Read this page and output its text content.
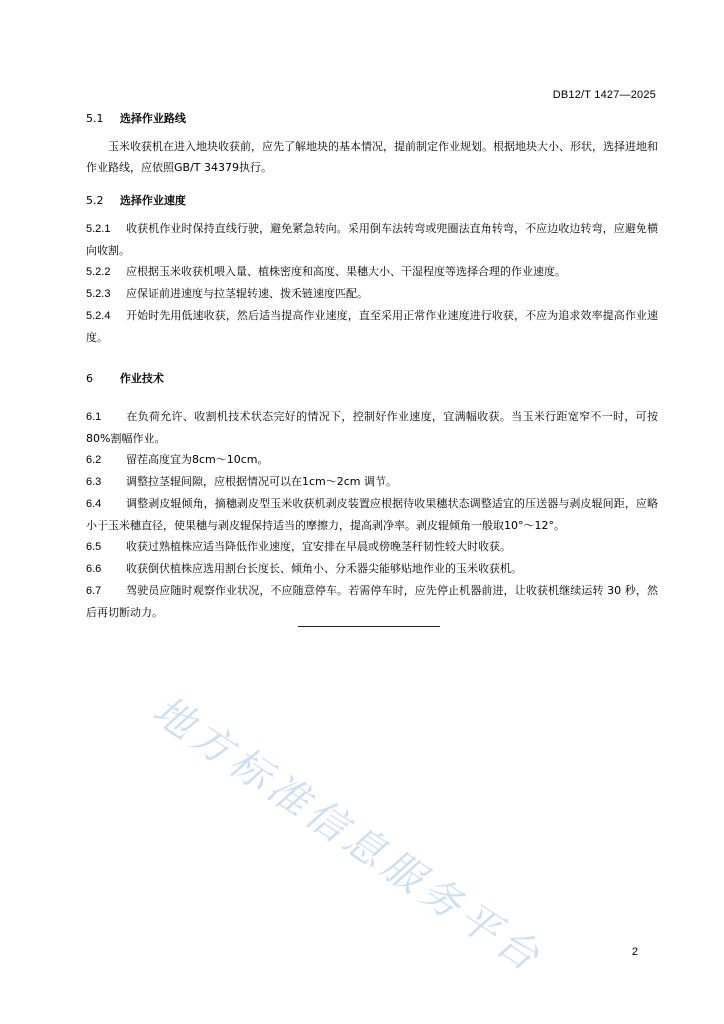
DB12/T 1427—2025
5.1 选择作业路线

玉米收获机在进入地块收获前，应先了解地块的基本情况，提前制定作业规划。根据地块大小、形状，选择进地和作业路线，应依照GB/T 34379执行。

5.2 选择作业速度

5.2.1 收获机作业时保持直线行驶，避免紧急转向。采用倒车法转弯或兜圈法直角转弯，不应边收边转弯，应避免横向收割。

5.2.2 应根据玉米收获机喂入量、植株密度和高度、果穗大小、干湿程度等选择合理的作业速度。

5.2.3 应保证前进速度与拉茎辊转速、拨禾链速度匹配。

5.2.4 开始时先用低速收获，然后适当提高作业速度，直至采用正常作业速度进行收获，不应为追求效率提高作业速度。

6 作业技术

6.1 在负荷允许、收割机技术状态完好的情况下，控制好作业速度，宜满幅收获。当玉米行距宽窄不一时，可按80%割幅作业。

6.2 留茬高度宜为8cm～10cm。

6.3 调整拉茎辊间隙，应根据情况可以在1cm～2cm 调节。

6.4 调整剥皮辊倾角，摘穗剥皮型玉米收获机剥皮装置应根据待收果穗状态调整适宜的压送器与剥皮辊间距，应略小于玉米穗直径，使果穗与剥皮辊保持适当的摩擦力，提高剥净率。剥皮辊倾角一般取10°～12°。

6.5 收获过熟植株应适当降低作业速度，宜安排在早晨或傍晚茎秆韧性较大时收获。

6.6 收获倒伏植株应选用割台长度长、倾角小、分禾器尖能够贴地作业的玉米收获机。

6.7 驾驶员应随时观察作业状况，不应随意停车。若需停车时，应先停止机器前进，让收获机继续运转 30 秒，然后再切断动力。

地方标准信息服务平台	2
